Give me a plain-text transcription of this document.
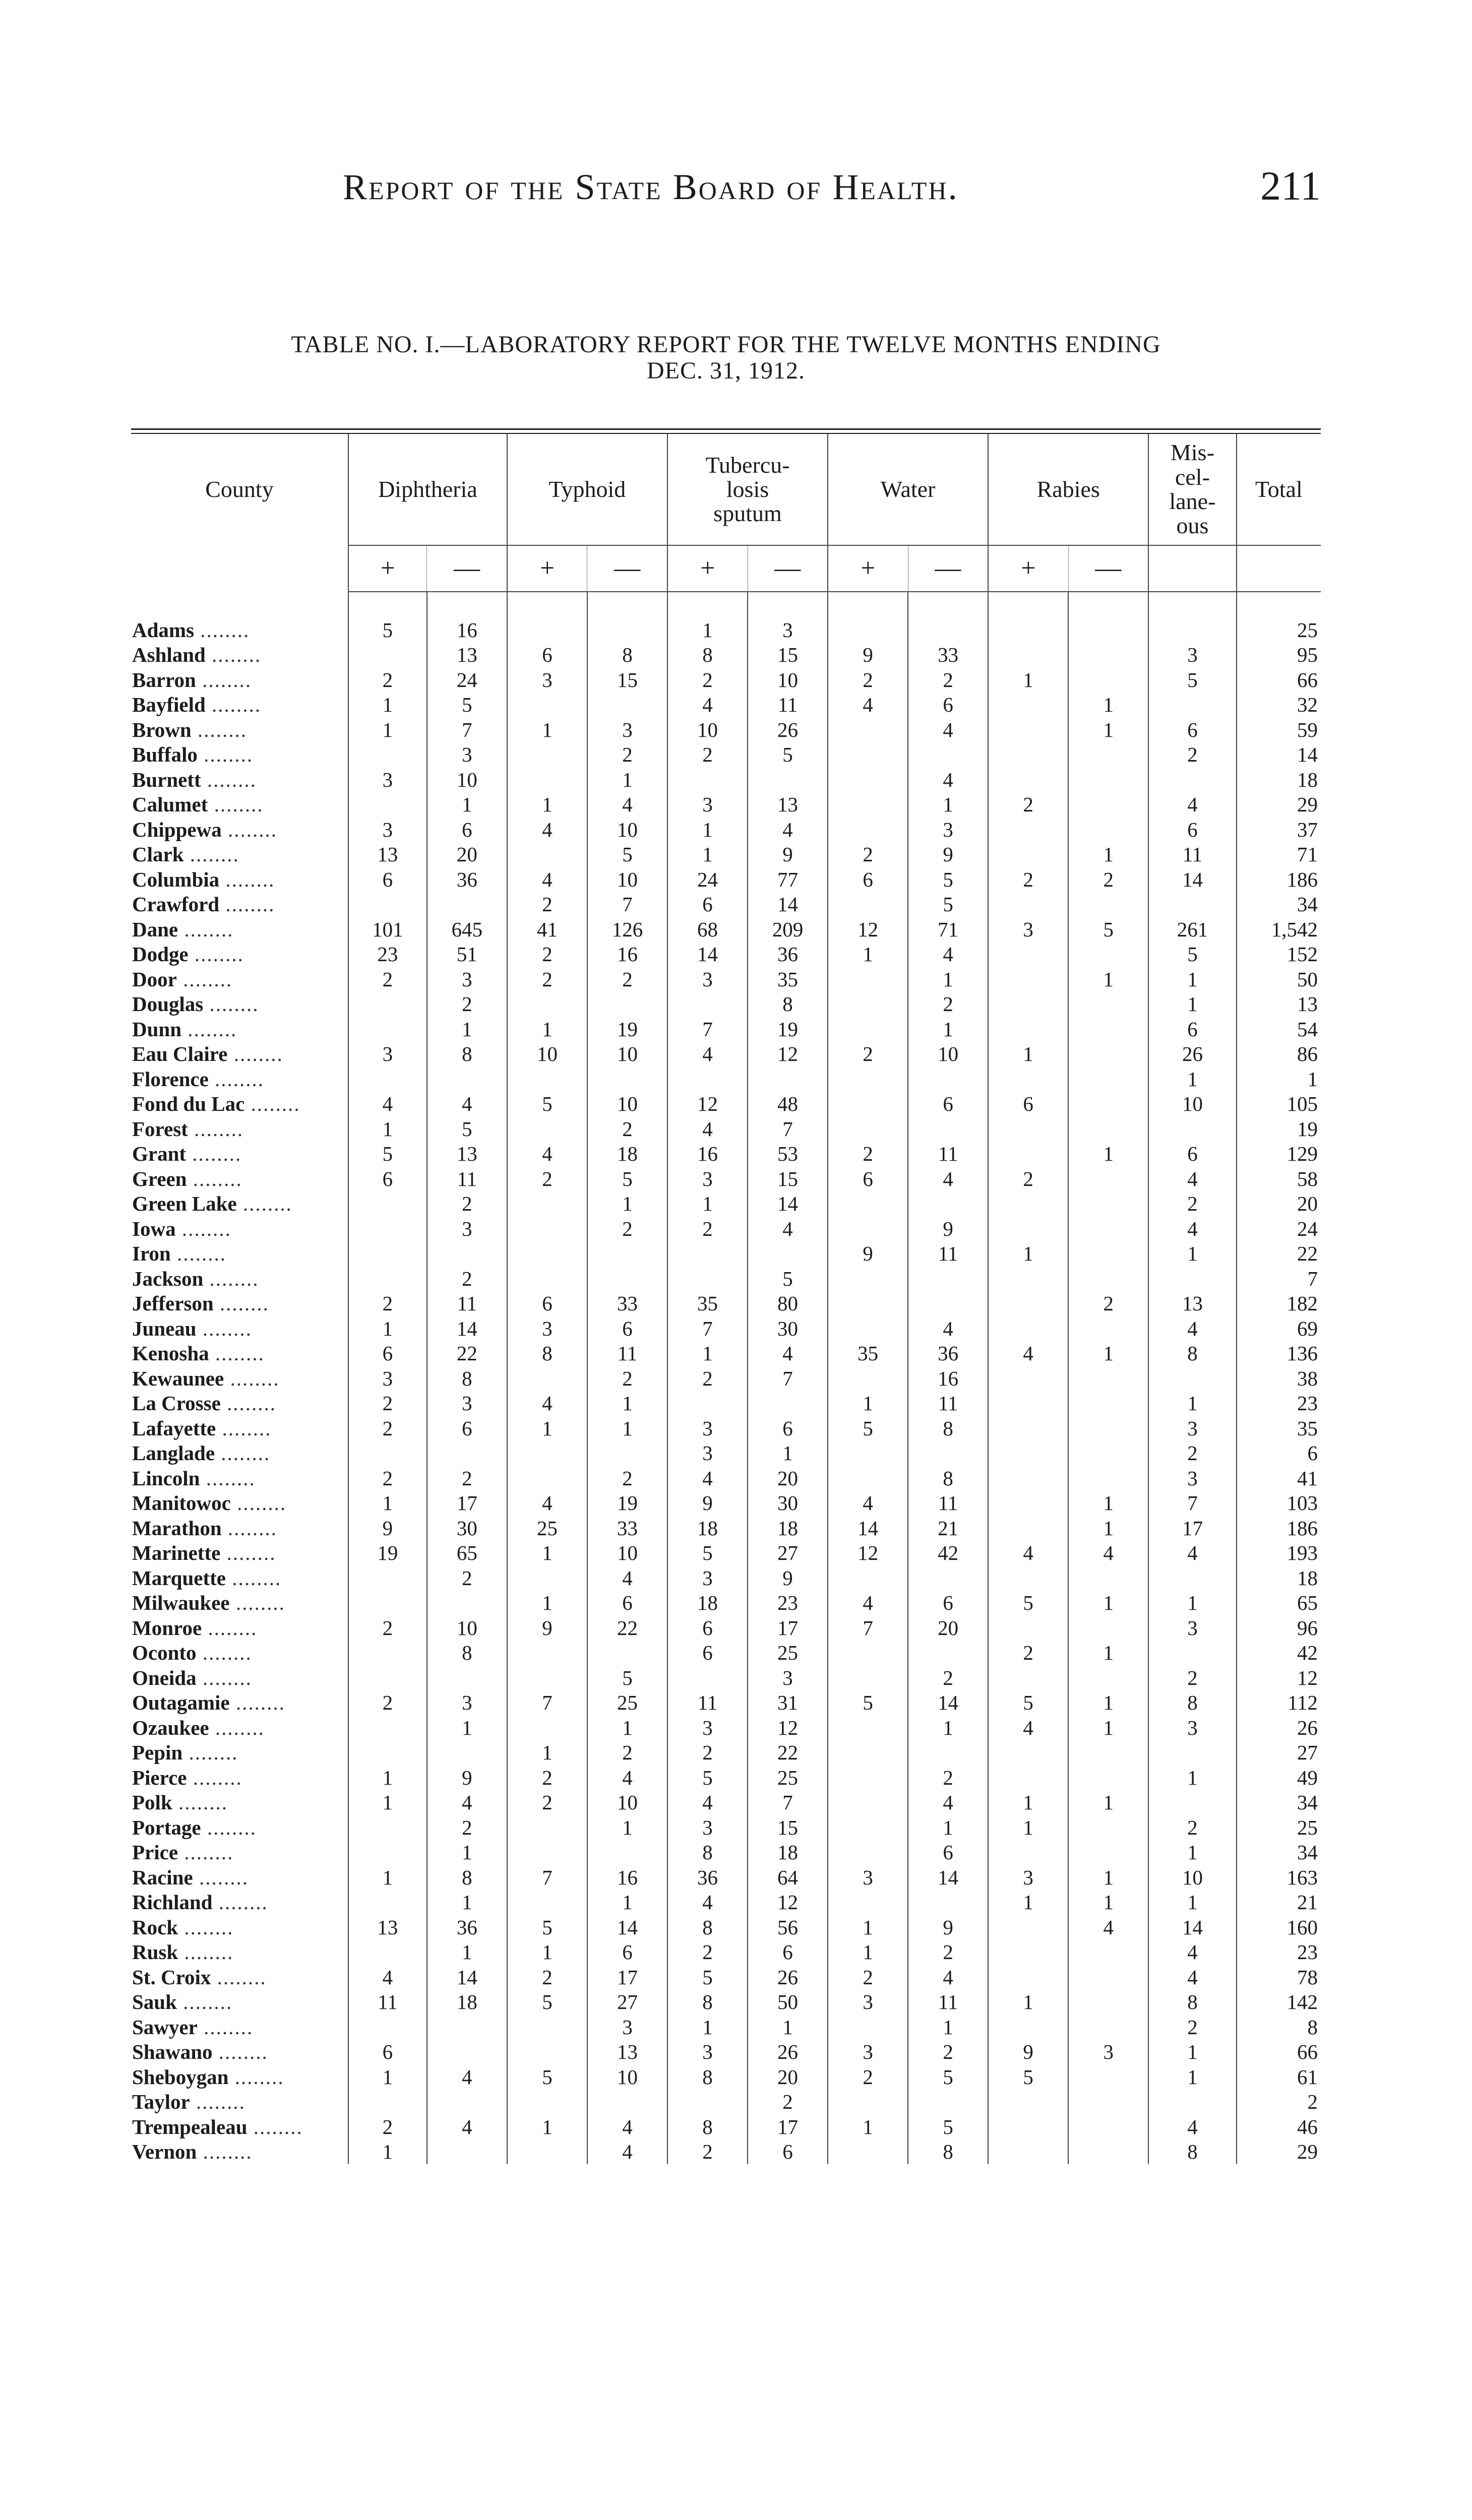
Report of the State Board of Health.	211
TABLE NO. I.—LABORATORY REPORT FOR THE TWELVE MONTHS ENDING
DEC. 31, 1912.
County	Diphtheria		Typhoid		Tubercu-
losis
sputum		Water		Rabies		Mis-
cel-
lane-
ous	Total
	+	—	+	—	+	—	+	—	+	—		

Adams ........	5	16			1	3						25
Ashland ........		13	6	8	8	15	9	33			3	95
Barron ........	2	24	3	15	2	10	2	2	1		5	66
Bayfield ........	1	5			4	11	4	6		1		32
Brown ........	1	7	1	3	10	26		4		1	6	59
Buffalo ........		3		2	2	5					2	14
Burnett ........	3	10		1				4				18
Calumet ........		1	1	4	3	13		1	2		4	29
Chippewa ........	3	6	4	10	1	4		3			6	37
Clark ........	13	20		5	1	9	2	9		1	11	71
Columbia ........	6	36	4	10	24	77	6	5	2	2	14	186
Crawford ........			2	7	6	14		5				34
Dane ........	101	645	41	126	68	209	12	71	3	5	261	1,542
Dodge ........	23	51	2	16	14	36	1	4			5	152
Door ........	2	3	2	2	3	35		1		1	1	50
Douglas ........		2				8		2			1	13
Dunn ........		1	1	19	7	19		1			6	54
Eau Claire ........	3	8	10	10	4	12	2	10	1		26	86
Florence ........											1	1
Fond du Lac ........	4	4	5	10	12	48		6	6		10	105
Forest ........	1	5		2	4	7						19
Grant ........	5	13	4	18	16	53	2	11		1	6	129
Green ........	6	11	2	5	3	15	6	4	2		4	58
Green Lake ........		2		1	1	14					2	20
Iowa ........		3		2	2	4		9			4	24
Iron ........							9	11	1		1	22
Jackson ........		2				5						7
Jefferson ........	2	11	6	33	35	80				2	13	182
Juneau ........	1	14	3	6	7	30		4			4	69
Kenosha ........	6	22	8	11	1	4	35	36	4	1	8	136
Kewaunee ........	3	8		2	2	7		16				38
La Crosse ........	2	3	4	1			1	11			1	23
Lafayette ........	2	6	1	1	3	6	5	8			3	35
Langlade ........					3	1					2	6
Lincoln ........	2	2		2	4	20		8			3	41
Manitowoc ........	1	17	4	19	9	30	4	11		1	7	103
Marathon ........	9	30	25	33	18	18	14	21		1	17	186
Marinette ........	19	65	1	10	5	27	12	42	4	4	4	193
Marquette ........		2		4	3	9						18
Milwaukee ........			1	6	18	23	4	6	5	1	1	65
Monroe ........	2	10	9	22	6	17	7	20			3	96
Oconto ........		8			6	25			2	1		42
Oneida ........				5		3		2			2	12
Outagamie ........	2	3	7	25	11	31	5	14	5	1	8	112
Ozaukee ........		1		1	3	12		1	4	1	3	26
Pepin ........			1	2	2	22						27
Pierce ........	1	9	2	4	5	25		2			1	49
Polk ........	1	4	2	10	4	7		4	1	1		34
Portage ........		2		1	3	15		1	1		2	25
Price ........		1			8	18		6			1	34
Racine ........	1	8	7	16	36	64	3	14	3	1	10	163
Richland ........		1		1	4	12			1	1	1	21
Rock ........	13	36	5	14	8	56	1	9		4	14	160
Rusk ........		1	1	6	2	6	1	2			4	23
St. Croix ........	4	14	2	17	5	26	2	4			4	78
Sauk ........	11	18	5	27	8	50	3	11	1		8	142
Sawyer ........				3	1	1		1			2	8
Shawano ........	6			13	3	26	3	2	9	3	1	66
Sheboygan ........	1	4	5	10	8	20	2	5	5		1	61
Taylor ........						2						2
Trempealeau ........	2	4	1	4	8	17	1	5			4	46
Vernon ........	1			4	2	6		8			8	29
